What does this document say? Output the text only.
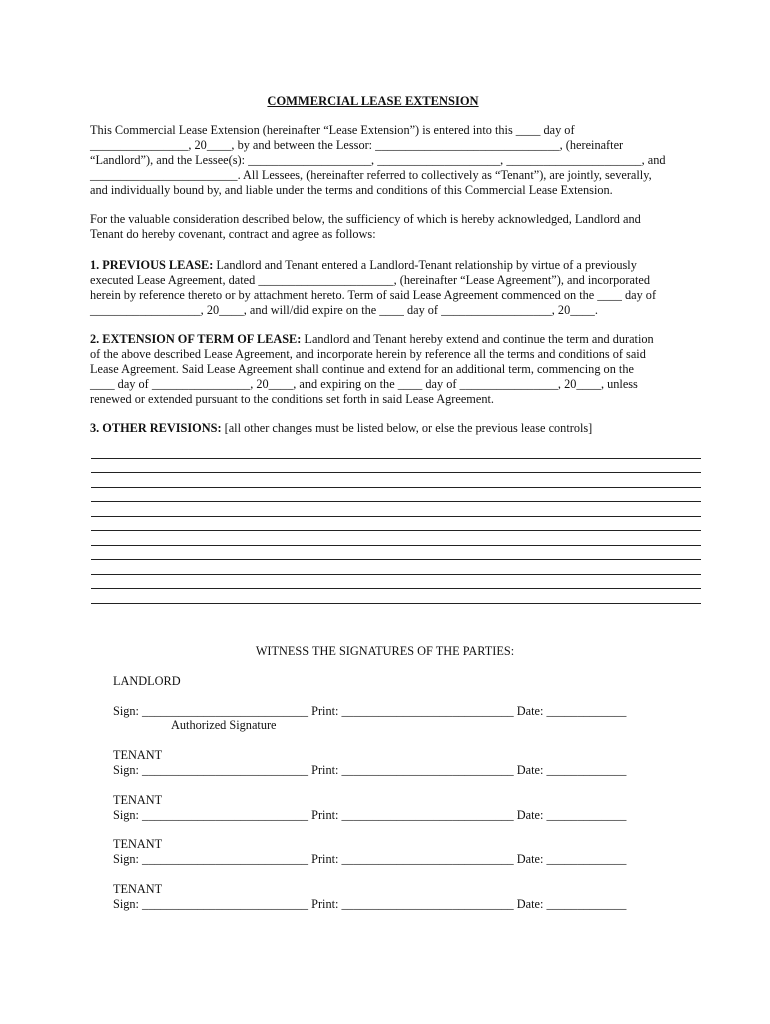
COMMERCIAL LEASE EXTENSION
This Commercial Lease Extension (hereinafter “Lease Extension”) is entered into this ____ day of
________________, 20____, by and between the Lessor: ______________________________, (hereinafter
“Landlord”), and the Lessee(s): ____________________, ____________________, ______________________, and
________________________. All Lessees, (hereinafter referred to collectively as “Tenant”), are jointly, severally,
and individually bound by, and liable under the terms and conditions of this Commercial Lease Extension.
For the valuable consideration described below, the sufficiency of which is hereby acknowledged, Landlord and
Tenant do hereby covenant, contract and agree as follows:
1. PREVIOUS LEASE: Landlord and Tenant entered a Landlord-Tenant relationship by virtue of a previously
executed Lease Agreement, dated ______________________, (hereinafter “Lease Agreement”), and incorporated
herein by reference thereto or by attachment hereto. Term of said Lease Agreement commenced on the ____ day of
__________________, 20____, and will/did expire on the ____ day of __________________, 20____.
2. EXTENSION OF TERM OF LEASE: Landlord and Tenant hereby extend and continue the term and duration
of the above described Lease Agreement, and incorporate herein by reference all the terms and conditions of said
Lease Agreement. Said Lease Agreement shall continue and extend for an additional term, commencing on the
____ day of ________________, 20____, and expiring on the ____ day of ________________, 20____, unless
renewed or extended pursuant to the conditions set forth in said Lease Agreement.
3. OTHER REVISIONS: [all other changes must be listed below, or else the previous lease controls]
WITNESS THE SIGNATURES OF THE PARTIES:
LANDLORD
Sign: ___________________________ Print: ____________________________ Date: _____________
Authorized Signature
TENANT
Sign: ___________________________ Print: ____________________________ Date: _____________
TENANT
Sign: ___________________________ Print: ____________________________ Date: _____________
TENANT
Sign: ___________________________ Print: ____________________________ Date: _____________
TENANT
Sign: ___________________________ Print: ____________________________ Date: _____________
